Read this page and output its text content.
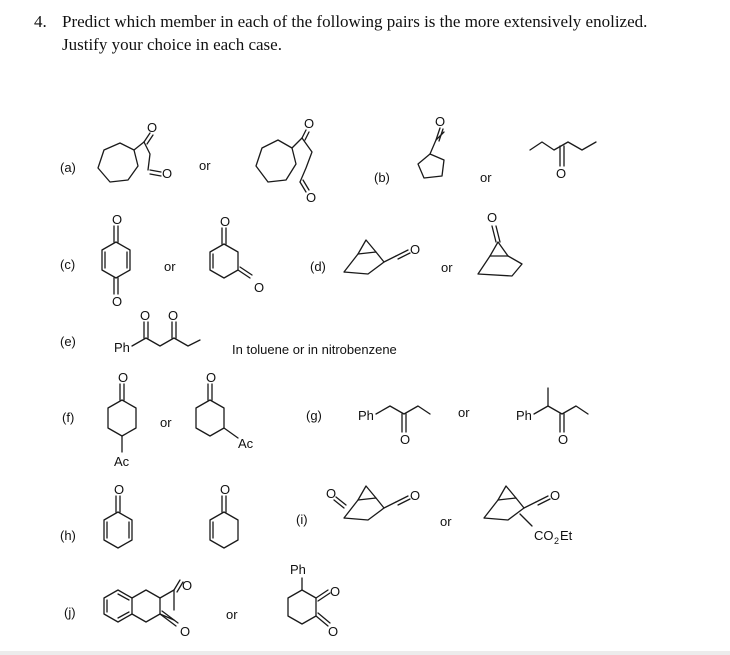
4. Predict which member in each of the following pairs is the more extensively enolized. Justify your choice in each case.
(a)
(b)
(c)	(d)
(e)
(f)	(g)
(h)
(i)
(j)
or
or
or	or
or
or
or
or
In toluene or in nitrobenzene
O
O
O
O
O
O
O
O
O
O
O
O
Ph
O O
O
Ac
O
Ac
Ph
O
Ph
O
O	O	O	O	O
CO 2 Et
O
O
Ph
O
O
